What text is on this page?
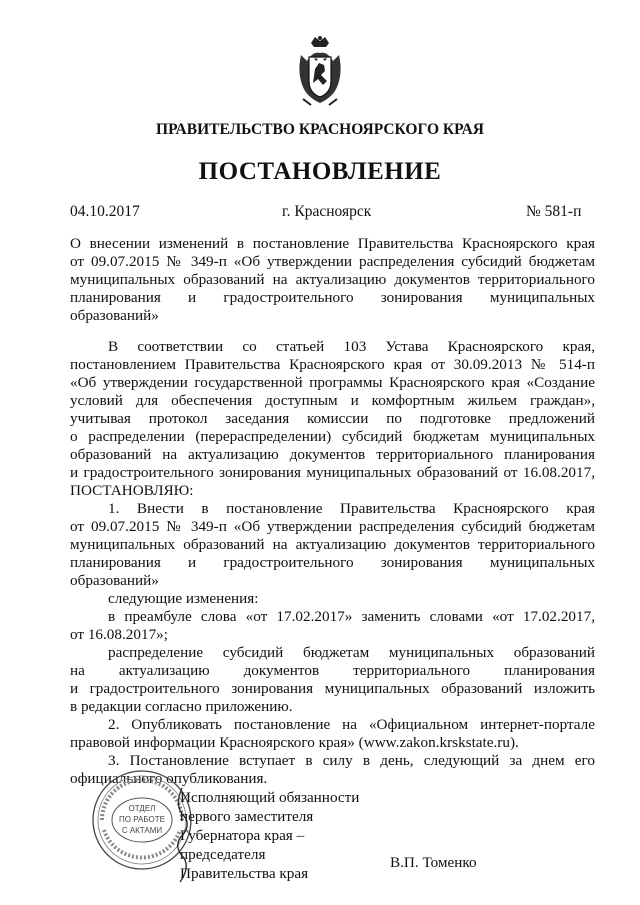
ПРАВИТЕЛЬСТВО КРАСНОЯРСКОГО КРАЯ
ПОСТАНОВЛЕНИЕ
04.10.2017	г. Красноярск	№ 581-п
О внесении изменений в постановление Правительства Красноярского края
от 09.07.2015 № 349-п «Об утверждении распределения субсидий бюджетам
муниципальных образований на актуализацию документов территориального
планирования и градостроительного зонирования муниципальных
образований»
В соответствии со статьей 103 Устава Красноярского края,
постановлением Правительства Красноярского края от 30.09.2013 № 514-п
«Об утверждении государственной программы Красноярского края «Создание
условий для обеспечения доступным и комфортным жильем граждан»,
учитывая протокол заседания комиссии по подготовке предложений
о распределении (перераспределении) субсидий бюджетам муниципальных
образований на актуализацию документов территориального планирования
и градостроительного зонирования муниципальных образований от 16.08.2017,
ПОСТАНОВЛЯЮ:
1. Внести в постановление Правительства Красноярского края
от 09.07.2015 № 349-п «Об утверждении распределения субсидий бюджетам
муниципальных образований на актуализацию документов территориального
планирования и градостроительного зонирования муниципальных
образований»
следующие изменения:
в преамбуле слова «от 17.02.2017» заменить словами «от 17.02.2017,
от 16.08.2017»;
распределение субсидий бюджетам муниципальных образований
на актуализацию документов территориального планирования
и градостроительного зонирования муниципальных образований изложить
в редакции согласно приложению.
2. Опубликовать постановление на «Официальном интернет-портале
правовой информации Красноярского края» (www.zakon.krskstate.ru).
3. Постановление вступает в силу в день, следующий за днем его
официального опубликования.
ОТДЕЛ
ПО РАБОТЕ
С АКТАМИ
Исполняющий обязанности
первого заместителя
Губернатора края –
председателя
Правительства края
В.П. Томенко
